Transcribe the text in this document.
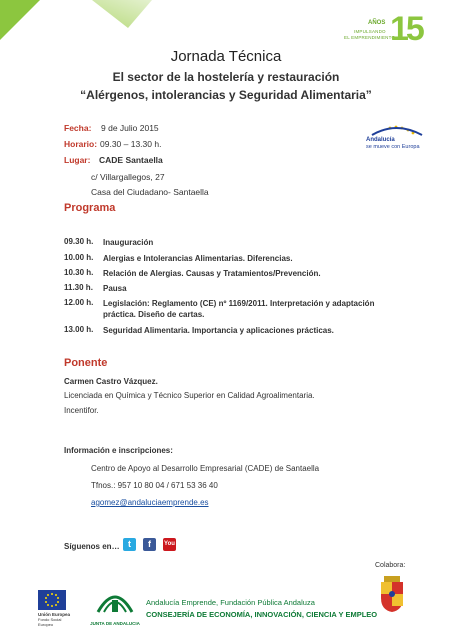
AÑOS
IMPULSANDO
EL EMPRENDIMIENTO
15
Jornada Técnica
El sector de la hostelería y restauración
“Alérgenos, intolerancias y Seguridad Alimentaria”
Fecha: 9 de Julio 2015
Horario: 09.30 – 13.30 h.
Lugar: CADE Santaella
c/ Villargallegos, 27
Casa del Ciudadano- Santaella
Andalucía
se mueve con Europa
Programa
09.30 h. Inauguración
10.00 h. Alergias e Intolerancias Alimentarias. Diferencias.
10.30 h. Relación de Alergias. Causas y Tratamientos/Prevención.
11.30 h. Pausa
12.00 h. Legislación: Reglamento (CE) nº 1169/2011. Interpretación y adaptación práctica. Diseño de cartas.
13.00 h. Seguridad Alimentaria. Importancia y aplicaciones prácticas.
Ponente
Carmen Castro Vázquez.
Licenciada en Química y Técnico Superior en Calidad Agroalimentaria.
Incentifor.
Información e inscripciones:
Centro de Apoyo al Desarrollo Empresarial (CADE) de Santaella
Tfnos.: 957 10 80 04 / 671 53 36 40
agomez@andaluciaemprende.es
Síguenos en… t	f	You
Colabora:
Unión Europea
Fondo Social Europeo	JUNTA DE ANDALUCIA
Andalucía Emprende, Fundación Pública Andaluza
CONSEJERÍA DE ECONOMÍA, INNOVACIÓN, CIENCIA Y EMPLEO
